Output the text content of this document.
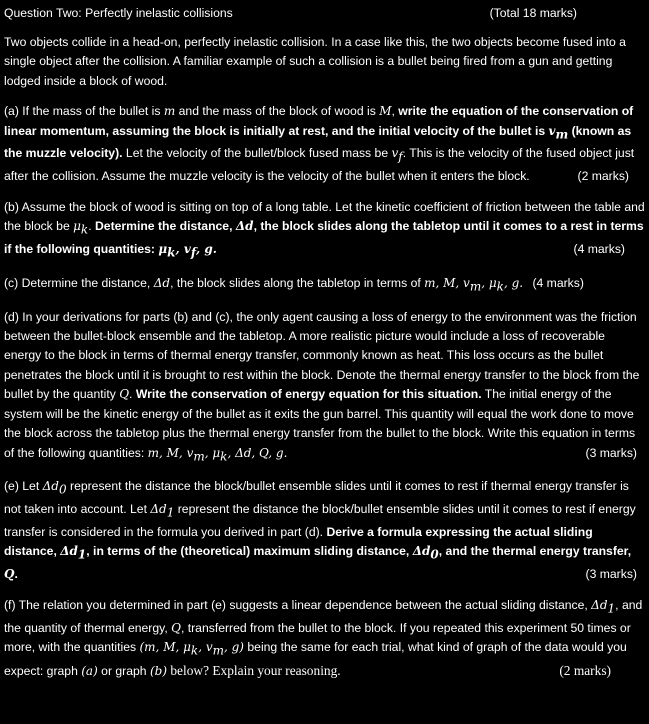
Question Two: Perfectly inelastic collisions	(Total 18 marks)

Two objects collide in a head-on, perfectly inelastic collision. In a case like this, the two objects become fused into a single object after the collision. A familiar example of such a collision is a bullet being fired from a gun and getting lodged inside a block of wood.

(a) If the mass of the bullet is m and the mass of the block of wood is M, write the equation of the conservation of linear momentum, assuming the block is initially at rest, and the initial velocity of the bullet is $v_m$ (known as the muzzle velocity). Let the velocity of the bullet/block fused mass be $v_f$. This is the velocity of the fused object just after the collision. Assume the muzzle velocity is the velocity of the bullet when it enters the block.	(2 marks)

(b) Assume the block of wood is sitting on top of a long table. Let the kinetic coefficient of friction between the table and the block be $\mu_k$. Determine the distance, Δd, the block slides along the tabletop until it comes to a rest in terms if the following quantities: $\mu_k$, $v_f$, g.	(4 marks)

(c) Determine the distance, Δd, the block slides along the tabletop in terms of m, M, $v_m$, $\mu_k$, g. (4 marks)

(d) In your derivations for parts (b) and (c), the only agent causing a loss of energy to the environment was the friction between the bullet-block ensemble and the tabletop. A more realistic picture would include a loss of recoverable energy to the block in terms of thermal energy transfer, commonly known as heat. This loss occurs as the bullet penetrates the block until it is brought to rest within the block. Denote the thermal energy transfer to the block from the bullet by the quantity Q. Write the conservation of energy equation for this situation. The initial energy of the system will be the kinetic energy of the bullet as it exits the gun barrel. This quantity will equal the work done to move the block across the tabletop plus the thermal energy transfer from the bullet to the block. Write this equation in terms of the following quantities: m, M, $v_m$, $\mu_k$, Δd, Q, g.	(3 marks)

(e) Let $\Delta d_0$ represent the distance the block/bullet ensemble slides until it comes to rest if thermal energy transfer is not taken into account. Let $\Delta d_1$ represent the distance the block/bullet ensemble slides until it comes to rest if energy transfer is considered in the formula you derived in part (d). Derive a formula expressing the actual sliding distance, $\Delta d_1$, in terms of the (theoretical) maximum sliding distance, $\Delta d_0$, and the thermal energy transfer, Q.	(3 marks)

(f) The relation you determined in part (e) suggests a linear dependence between the actual sliding distance, $\Delta d_1$, and the quantity of thermal energy, Q, transferred from the bullet to the block. If you repeated this experiment 50 times or more, with the quantities (m, M, $\mu_k$, $v_m$, g) being the same for each trial, what kind of graph of the data would you expect: graph (a) or graph (b) below? Explain your reasoning.	(2 marks)
